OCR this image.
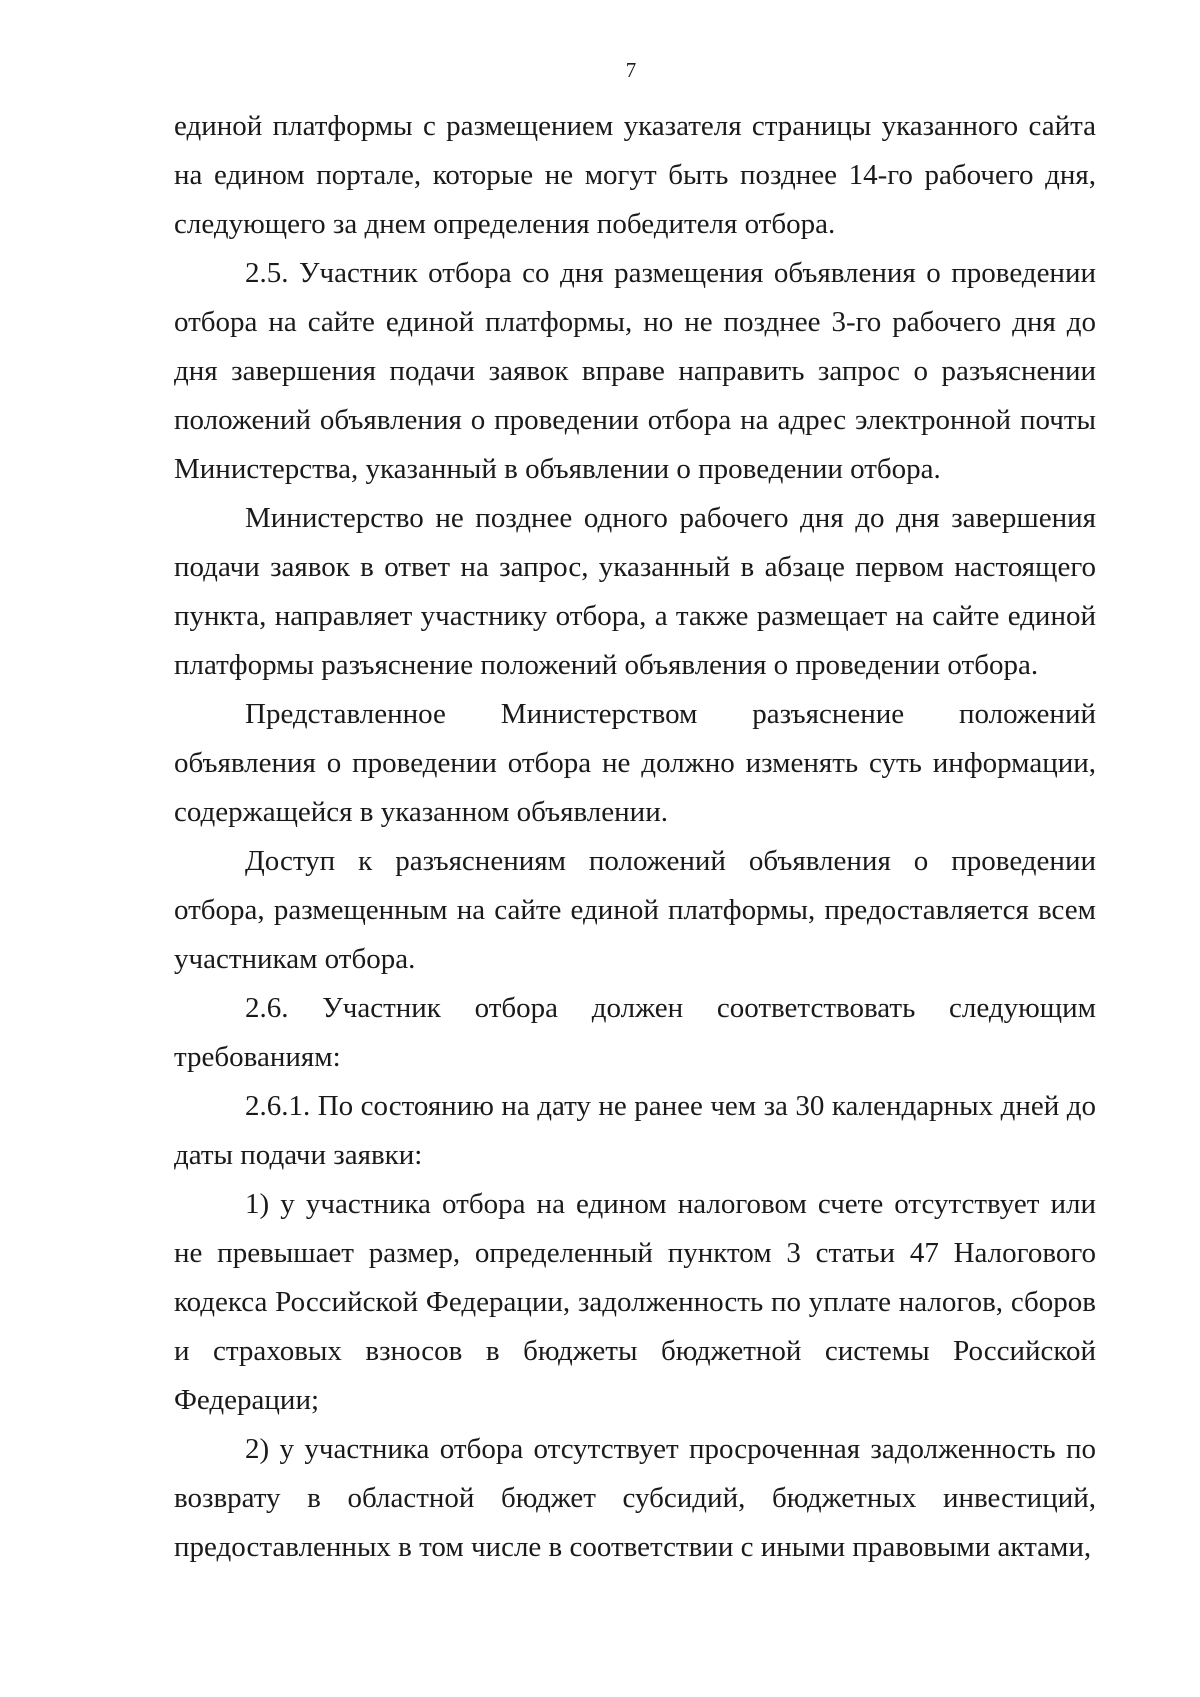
7

единой платформы с размещением указателя страницы указанного сайта на едином портале, которые не могут быть позднее 14-го рабочего дня, следующего за днем определения победителя отбора.

2.5. Участник отбора со дня размещения объявления о проведении отбора на сайте единой платформы, но не позднее 3-го рабочего дня до дня завершения подачи заявок вправе направить запрос о разъяснении положений объявления о проведении отбора на адрес электронной почты Министерства, указанный в объявлении о проведении отбора.

Министерство не позднее одного рабочего дня до дня завершения подачи заявок в ответ на запрос, указанный в абзаце первом настоящего пункта, направляет участнику отбора, а также размещает на сайте единой платформы разъяснение положений объявления о проведении отбора.

Представленное Министерством разъяснение положений объявления о проведении отбора не должно изменять суть информации, содержащейся в указанном объявлении.

Доступ к разъяснениям положений объявления о проведении отбора, размещенным на сайте единой платформы, предоставляется всем участникам отбора.

2.6. Участник отбора должен соответствовать следующим требованиям:

2.6.1. По состоянию на дату не ранее чем за 30 календарных дней до даты подачи заявки:

1) у участника отбора на едином налоговом счете отсутствует или не превышает размер, определенный пунктом 3 статьи 47 Налогового кодекса Российской Федерации, задолженность по уплате налогов, сборов и страховых взносов в бюджеты бюджетной системы Российской Федерации;

2) у участника отбора отсутствует просроченная задолженность по возврату в областной бюджет субсидий, бюджетных инвестиций, предоставленных в том числе в соответствии с иными правовыми актами,
